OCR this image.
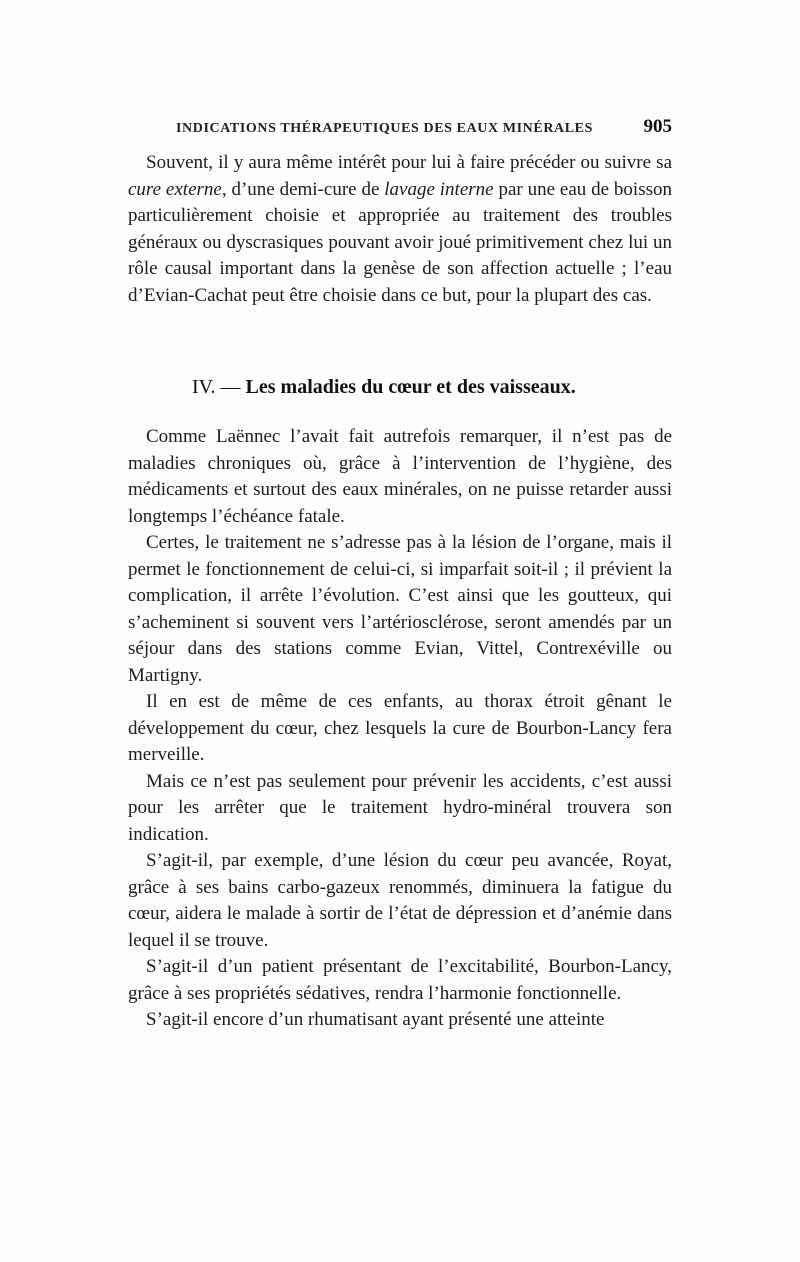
INDICATIONS THÉRAPEUTIQUES DES EAUX MINÉRALES	905

Souvent, il y aura même intérêt pour lui à faire précéder ou suivre sa cure externe, d’une demi-cure de lavage interne par une eau de boisson particulièrement choisie et appropriée au traitement des troubles généraux ou dyscrasiques pouvant avoir joué primitivement chez lui un rôle causal important dans la genèse de son affection actuelle ; l’eau d’Evian-Cachat peut être choisie dans ce but, pour la plupart des cas.

IV. — Les maladies du cœur et des vaisseaux.

Comme Laënnec l’avait fait autrefois remarquer, il n’est pas de maladies chroniques où, grâce à l’intervention de l’hygiène, des médicaments et surtout des eaux minérales, on ne puisse retarder aussi longtemps l’échéance fatale.

Certes, le traitement ne s’adresse pas à la lésion de l’organe, mais il permet le fonctionnement de celui-ci, si imparfait soit-il ; il prévient la complication, il arrête l’évolution. C’est ainsi que les goutteux, qui s’acheminent si souvent vers l’artériosclérose, seront amendés par un séjour dans des stations comme Evian, Vittel, Contrexéville ou Martigny.

Il en est de même de ces enfants, au thorax étroit gênant le développement du cœur, chez lesquels la cure de Bourbon-Lancy fera merveille.

Mais ce n’est pas seulement pour prévenir les accidents, c’est aussi pour les arrêter que le traitement hydro-minéral trouvera son indication.

S’agit-il, par exemple, d’une lésion du cœur peu avancée, Royat, grâce à ses bains carbo-gazeux renommés, diminuera la fatigue du cœur, aidera le malade à sortir de l’état de dépression et d’anémie dans lequel il se trouve.

S’agit-il d’un patient présentant de l’excitabilité, Bourbon-Lancy, grâce à ses propriétés sédatives, rendra l’harmonie fonctionnelle.

S’agit-il encore d’un rhumatisant ayant présenté une atteinte
